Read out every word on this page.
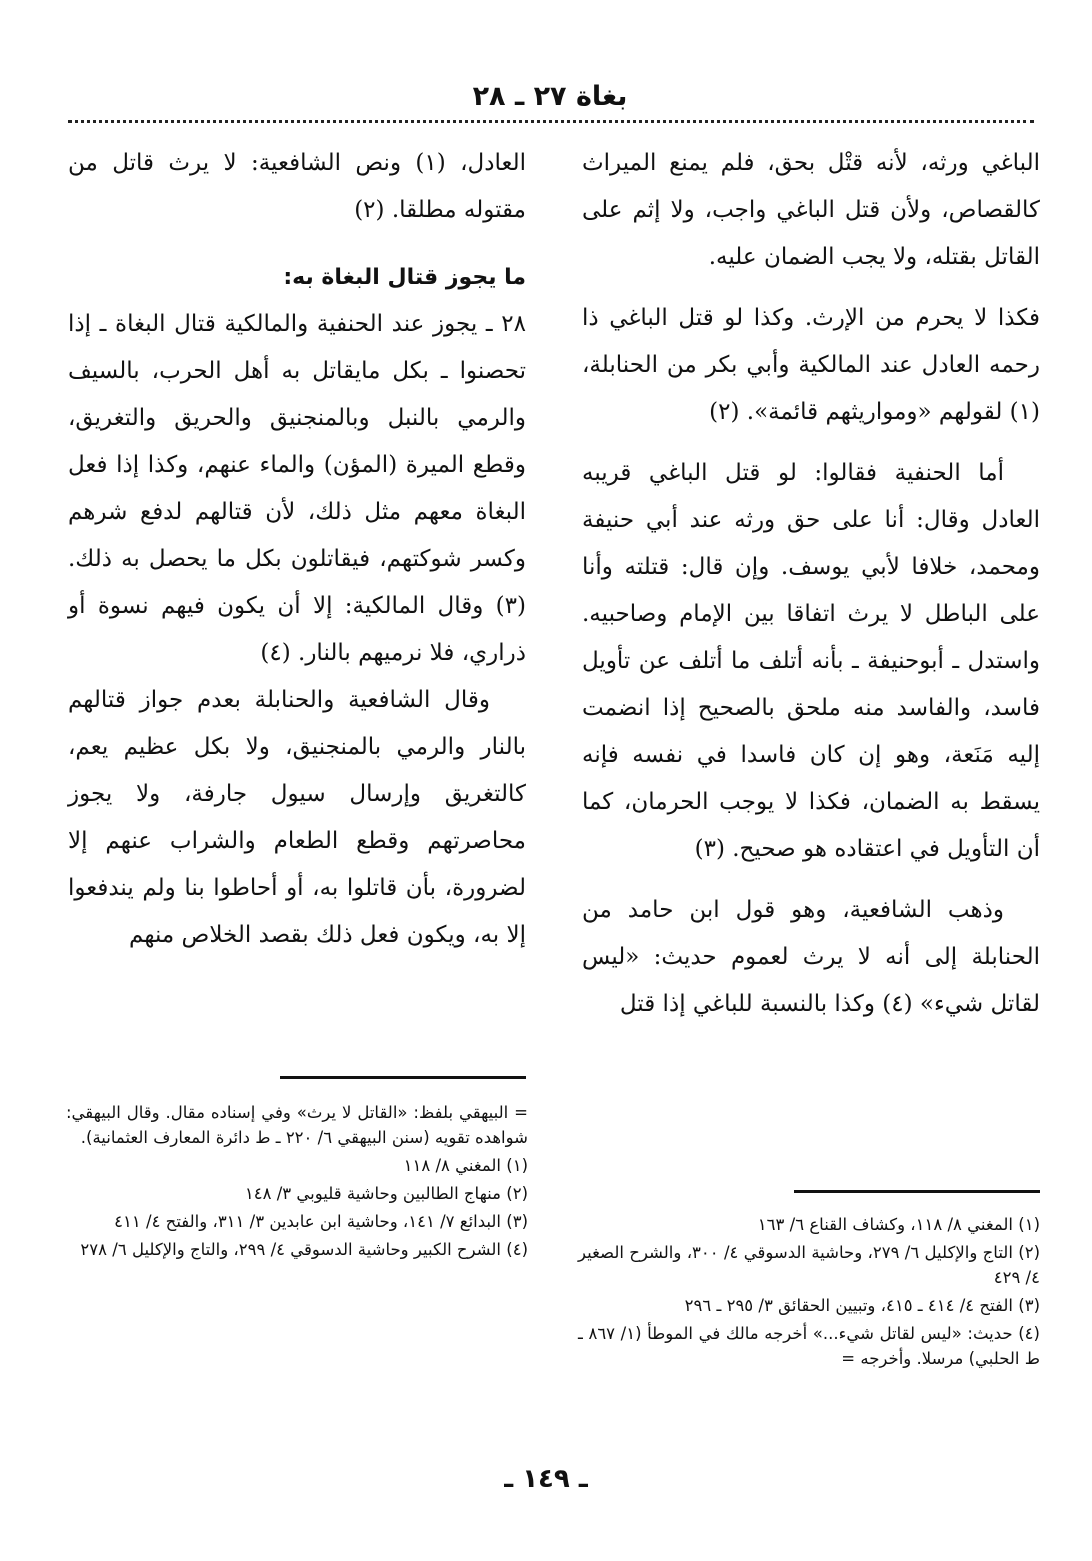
بغاة ٢٧ ـ ٢٨

الباغي ورثه، لأنه قتْل بحق، فلم يمنع الميراث كالقصاص، ولأن قتل الباغي واجب، ولا إثم على القاتل بقتله، ولا يجب الضمان عليه.

فكذا لا يحرم من الإرث. وكذا لو قتل الباغي ذا رحمه العادل عند المالكية وأبي بكر من الحنابلة، (١) لقولهم «ومواريثهم قائمة». (٢)

أما الحنفية فقالوا: لو قتل الباغي قريبه العادل وقال: أنا على حق ورثه عند أبي حنيفة ومحمد، خلافا لأبي يوسف. وإن قال: قتلته وأنا على الباطل لا يرث اتفاقا بين الإمام وصاحبيه. واستدل ـ أبوحنيفة ـ بأنه أتلف ما أتلف عن تأويل فاسد، والفاسد منه ملحق بالصحيح إذا انضمت إليه مَنَعة، وهو إن كان فاسدا في نفسه فإنه يسقط به الضمان، فكذا لا يوجب الحرمان، كما أن التأويل في اعتقاده هو صحيح. (٣)

وذهب الشافعية، وهو قول ابن حامد من الحنابلة إلى أنه لا يرث لعموم حديث: «ليس لقاتل شيء» (٤) وكذا بالنسبة للباغي إذا قتل

العادل، (١) ونص الشافعية: لا يرث قاتل من مقتوله مطلقا. (٢)

ما يجوز قتال البغاة به:

٢٨ ـ يجوز عند الحنفية والمالكية قتال البغاة ـ إذا تحصنوا ـ بكل مايقاتل به أهل الحرب، بالسيف والرمي بالنبل وبالمنجنيق والحريق والتغريق، وقطع الميرة (المؤن) والماء عنهم، وكذا إذا فعل البغاة معهم مثل ذلك، لأن قتالهم لدفع شرهم وكسر شوكتهم، فيقاتلون بكل ما يحصل به ذلك. (٣) وقال المالكية: إلا أن يكون فيهم نسوة أو ذراري، فلا نرميهم بالنار. (٤)

وقال الشافعية والحنابلة بعدم جواز قتالهم بالنار والرمي بالمنجنيق، ولا بكل عظيم يعم، كالتغريق وإرسال سيول جارفة، ولا يجوز محاصرتهم وقطع الطعام والشراب عنهم إلا لضرورة، بأن قاتلوا به، أو أحاطوا بنا ولم يندفعوا إلا به، ويكون فعل ذلك بقصد الخلاص منهم

(١) المغني ٨/ ١١٨، وكشاف القناع ٦/ ١٦٣

(٢) التاج والإكليل ٦/ ٢٧٩، وحاشية الدسوقي ٤/ ٣٠٠، والشرح الصغير ٤/ ٤٢٩

(٣) الفتح ٤/ ٤١٤ ـ ٤١٥، وتبيين الحقائق ٣/ ٢٩٥ ـ ٢٩٦

(٤) حديث: «ليس لقاتل شيء...» أخرجه مالك في الموطأ (١/ ٨٦٧ ـ ط الحلبي) مرسلا. وأخرجه =

= البيهقي بلفظ: «القاتل لا يرث» وفي إسناده مقال. وقال البيهقي: شواهده تقويه (سنن البيهقي ٦/ ٢٢٠ ـ ط دائرة المعارف العثمانية).

(١) المغني ٨/ ١١٨

(٢) منهاج الطالبين وحاشية قليوبي ٣/ ١٤٨

(٣) البدائع ٧/ ١٤١، وحاشية ابن عابدين ٣/ ٣١١، والفتح ٤/ ٤١١

(٤) الشرح الكبير وحاشية الدسوقي ٤/ ٢٩٩، والتاج والإكليل ٦/ ٢٧٨

ـ ١٤٩ ـ
